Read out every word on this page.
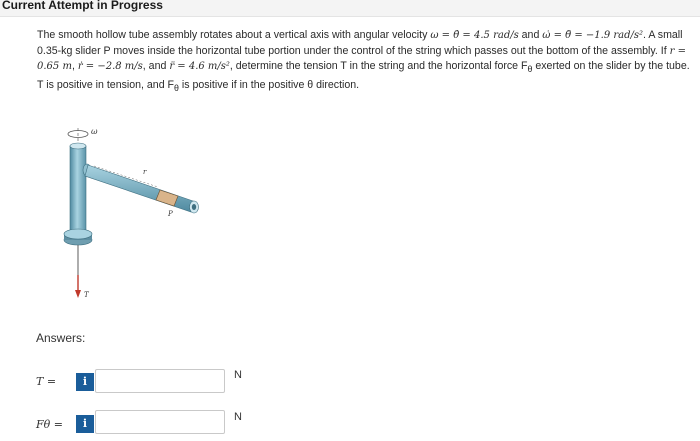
Current Attempt in Progress
The smooth hollow tube assembly rotates about a vertical axis with angular velocity ω = θ̇ = 4.5 rad/s and ω̇ = θ̈ = −1.9 rad/s². A small 0.35-kg slider P moves inside the horizontal tube portion under the control of the string which passes out the bottom of the assembly. If r = 0.65 m, ṙ = −2.8 m/s, and r̈ = 4.6 m/s², determine the tension T in the string and the horizontal force $F_\theta$ exerted on the slider by the tube. T is positive in tension, and $F_\theta$ is positive if in the positive θ direction.
ω
r
P
T
Answers:
T =	i	N
Fθ =	i	N
